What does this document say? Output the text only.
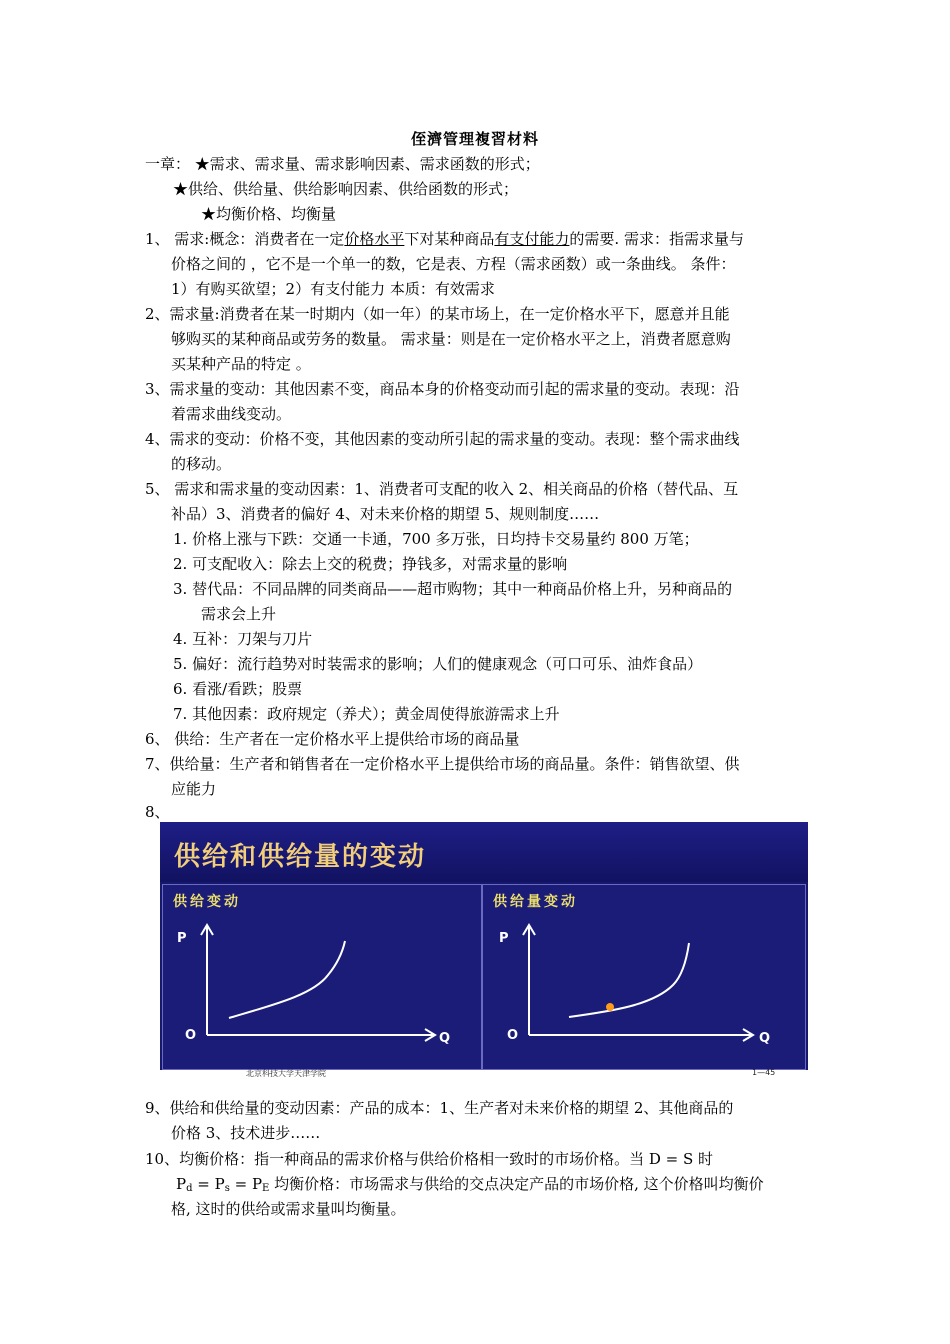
侄濟管理複習材料
一章： ★需求、需求量、需求影响因素、需求函数的形式；
★供给、供给量、供给影响因素、供给函数的形式；
★均衡价格、均衡量
1、 需求:概念：消费者在一定价格水平下对某种商品有支付能力的需要. 需求：指需求量与
价格之间的 ，它不是一个单一的数，它是表、方程（需求函数）或一条曲线。 条件：
1）有购买欲望；2）有支付能力 本质：有效需求
2、需求量:消费者在某一时期内（如一年）的某市场上，在一定价格水平下，愿意并且能
够购买的某种商品或劳务的数量。 需求量：则是在一定价格水平之上，消费者愿意购
买某种产品的特定 。
3、需求量的变动：其他因素不变，商品本身的价格变动而引起的需求量的变动。表现：沿
着需求曲线变动。
4、需求的变动：价格不变，其他因素的变动所引起的需求量的变动。表现：整个需求曲线
的移动。
5、 需求和需求量的变动因素：1、消费者可支配的收入 2、相关商品的价格（替代品、互
补品）3、消费者的偏好 4、对未来价格的期望 5、规则制度……
1. 价格上涨与下跌：交通一卡通，700 多万张，日均持卡交易量约 800 万笔；
2. 可支配收入：除去上交的税费；挣钱多，对需求量的影响
3. 替代品：不同品牌的同类商品——超市购物；其中一种商品价格上升，另种商品的
需求会上升
4. 互补：刀架与刀片
5. 偏好：流行趋势对时装需求的影响；人们的健康观念（可口可乐、油炸食品）
6. 看涨/看跌；股票
7. 其他因素：政府规定（养犬）；黄金周使得旅游需求上升
6、 供给：生产者在一定价格水平上提供给市场的商品量
7、供给量：生产者和销售者在一定价格水平上提供给市场的商品量。条件：销售欲望、供
应能力
8、
供给和供给量的变动
供给变动
P
O	Q
供给量变动
P
O	Q
北京科技大学天津学院	1—45
9、供给和供给量的变动因素：产品的成本：1、生产者对未来价格的期望 2、其他商品的
价格 3、技术进步……
10、均衡价格：指一种商品的需求价格与供给价格相一致时的市场价格。当 D = S 时
$P_d = P_s = P_E$ 均衡价格：市场需求与供给的交点决定产品的市场价格, 这个价格叫均衡价
格, 这时的供给或需求量叫均衡量。
